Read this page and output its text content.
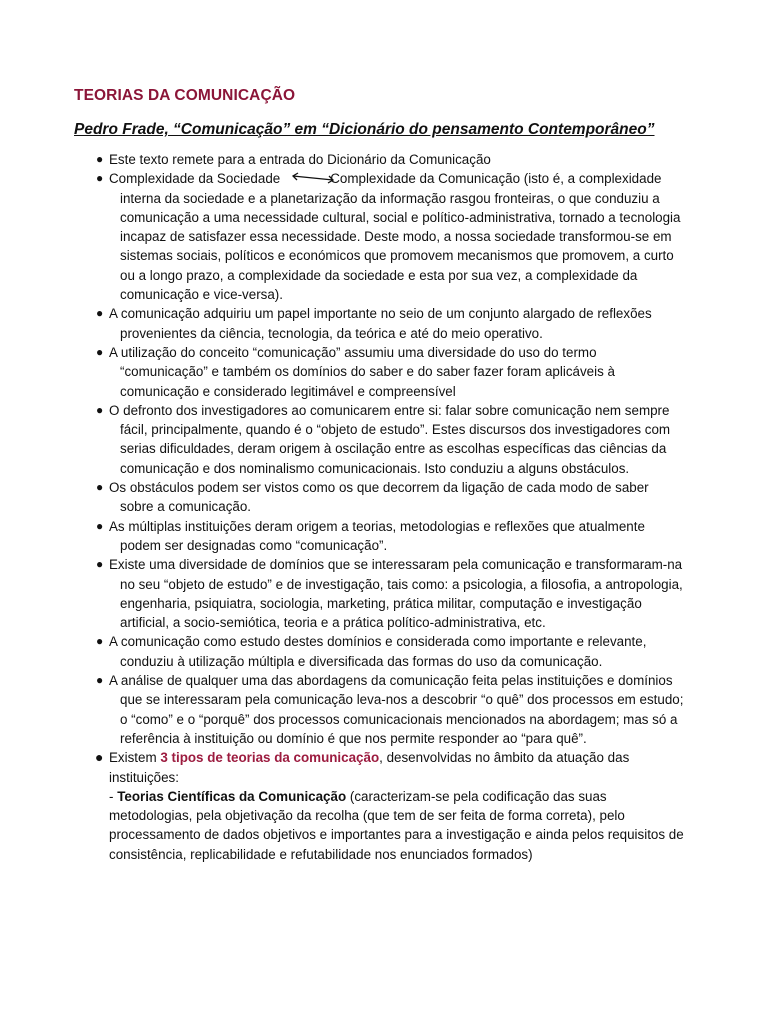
TEORIAS DA COMUNICAÇÃO
Pedro Frade, “Comunicação” em “Dicionário do pensamento Contemporâneo”
● Este texto remete para a entrada do Dicionário da Comunicação
● Complexidade da Sociedade	Complexidade da Comunicação (isto é, a complexidade interna da sociedade e a planetarização da informação rasgou fronteiras, o que conduziu a comunicação a uma necessidade cultural, social e político-administrativa, tornado a tecnologia incapaz de satisfazer essa necessidade. Deste modo, a nossa sociedade transformou-se em sistemas sociais, políticos e económicos que promovem mecanismos que promovem, a curto ou a longo prazo, a complexidade da sociedade e esta por sua vez, a complexidade da comunicação e vice-versa).
● A comunicação adquiriu um papel importante no seio de um conjunto alargado de reflexões provenientes da ciência, tecnologia, da teórica e até do meio operativo.
● A utilização do conceito “comunicação” assumiu uma diversidade do uso do termo “comunicação” e também os domínios do saber e do saber fazer foram aplicáveis à comunicação e considerado legitimável e compreensível
● O defronto dos investigadores ao comunicarem entre si: falar sobre comunicação nem sempre fácil, principalmente, quando é o “objeto de estudo”. Estes discursos dos investigadores com serias dificuldades, deram origem à oscilação entre as escolhas específicas das ciências da comunicação e dos nominalismo comunicacionais. Isto conduziu a alguns obstáculos.
● Os obstáculos podem ser vistos como os que decorrem da ligação de cada modo de saber sobre a comunicação.
● As múltiplas instituições deram origem a teorias, metodologias e reflexões que atualmente podem ser designadas como “comunicação”.
● Existe uma diversidade de domínios que se interessaram pela comunicação e transformaram-na no seu “objeto de estudo” e de investigação, tais como: a psicologia, a filosofia, a antropologia, engenharia, psiquiatra, sociologia, marketing, prática militar, computação e investigação artificial, a socio-semiótica, teoria e a prática político-administrativa, etc.
● A comunicação como estudo destes domínios e considerada como importante e relevante, conduziu à utilização múltipla e diversificada das formas do uso da comunicação.
● A análise de qualquer uma das abordagens da comunicação feita pelas instituições e domínios que se interessaram pela comunicação leva-nos a descobrir “o quê” dos processos em estudo; o “como” e o “porquê” dos processos comunicacionais mencionados na abordagem; mas só a referência à instituição ou domínio é que nos permite responder ao “para quê”.
● Existem 3 tipos de teorias da comunicação, desenvolvidas no âmbito da atuação das instituições:
- Teorias Científicas da Comunicação (caracterizam-se pela codificação das suas metodologias, pela objetivação da recolha (que tem de ser feita de forma correta), pelo processamento de dados objetivos e importantes para a investigação e ainda pelos requisitos de consistência, replicabilidade e refutabilidade nos enunciados formados)
